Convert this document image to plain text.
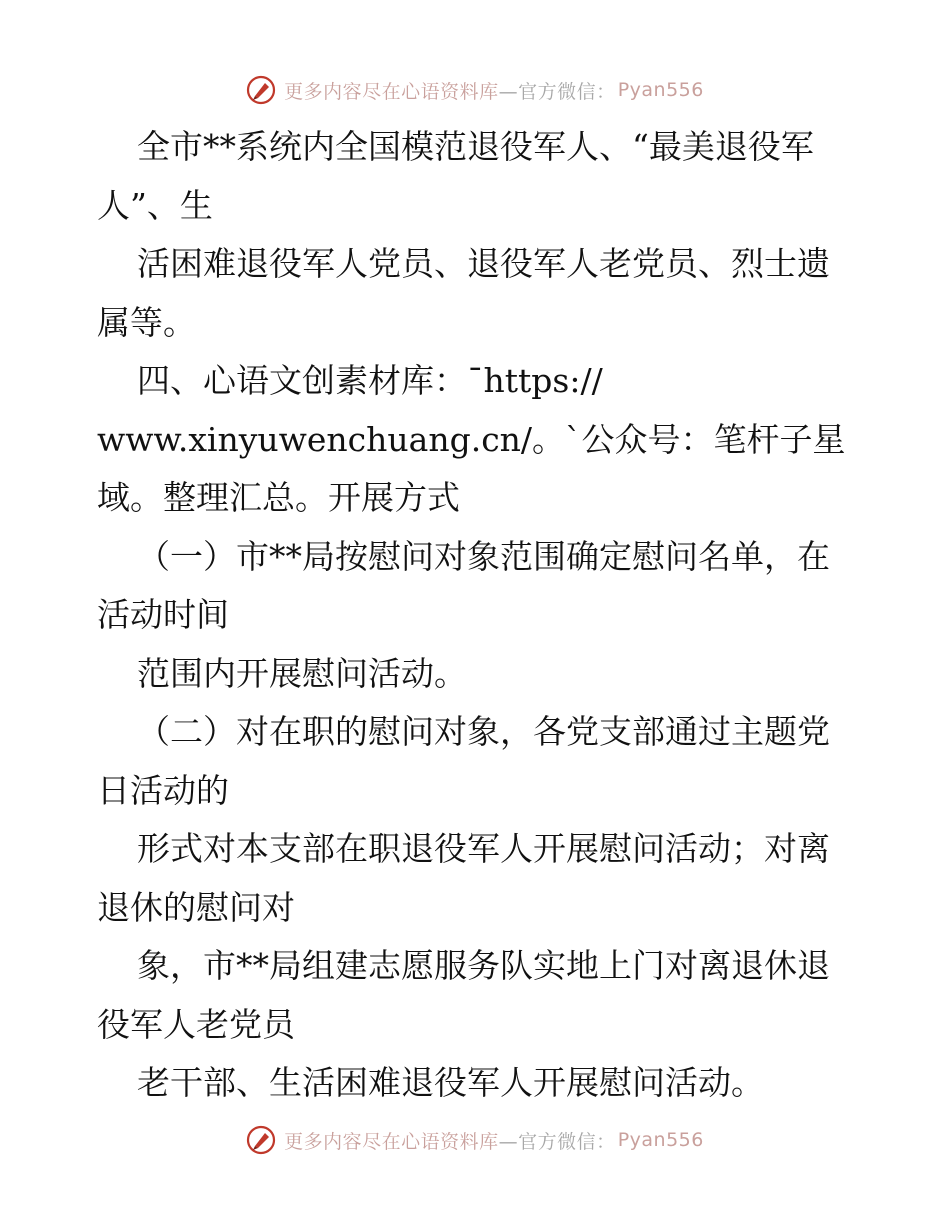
更多内容尽在心语资料库 —官方微信： Pyan556
全市**系统内全国模范退役军人、“最美退役军
人”、生
活困难退役军人党员、退役军人老党员、烈士遗
属等。
四、心语文创素材库：¯https://
www.xinyuwenchuang.cn/。`公众号：笔杆子星
域。整理汇总。开展方式
（一）市**局按慰问对象范围确定慰问名单，在
活动时间
范围内开展慰问活动。
（二）对在职的慰问对象，各党支部通过主题党
日活动的
形式对本支部在职退役军人开展慰问活动；对离
退休的慰问对
象，市**局组建志愿服务队实地上门对离退休退
役军人老党员
老干部、生活困难退役军人开展慰问活动。
更多内容尽在心语资料库 —官方微信： Pyan556
